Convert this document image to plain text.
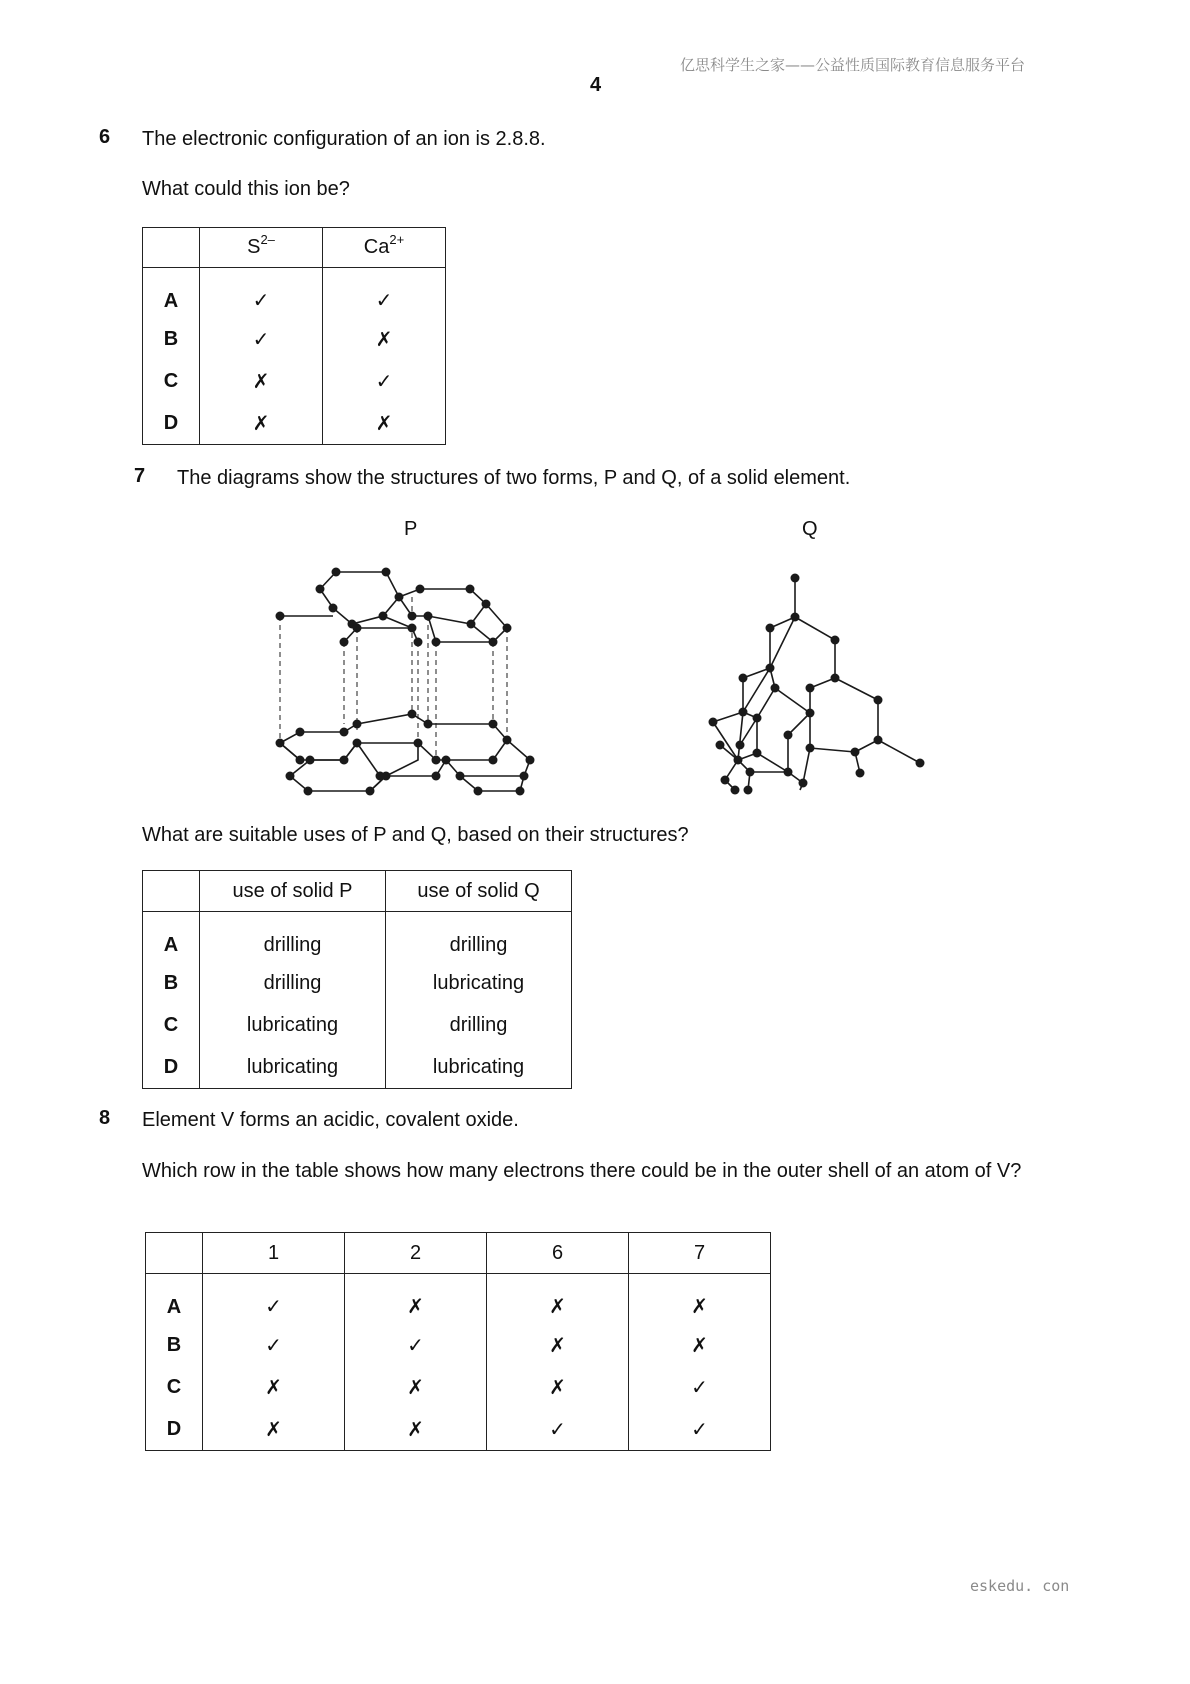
亿思科学生之家——公益性质国际教育信息服务平台
4
6 The electronic configuration of an ion is 2.8.8.
What could this ion be?
	$S^{2-}$	$Ca^{2+}$
A	✓	✓
B	✓	✗
C	✗	✓
D	✗	✗
7 The diagrams show the structures of two forms, P and Q, of a solid element.
P	Q
What are suitable uses of P and Q, based on their structures?
	use of solid P	use of solid Q
A	drilling	drilling
B	drilling	lubricating
C	lubricating	drilling
D	lubricating	lubricating
8 Element V forms an acidic, covalent oxide.
Which row in the table shows how many electrons there could be in the outer shell of an atom of V?
	1	2	6	7
A	✓	✗	✗	✗
B	✓	✓	✗	✗
C	✗	✗	✗	✓
D	✗	✗	✓	✓
eskedu. con
